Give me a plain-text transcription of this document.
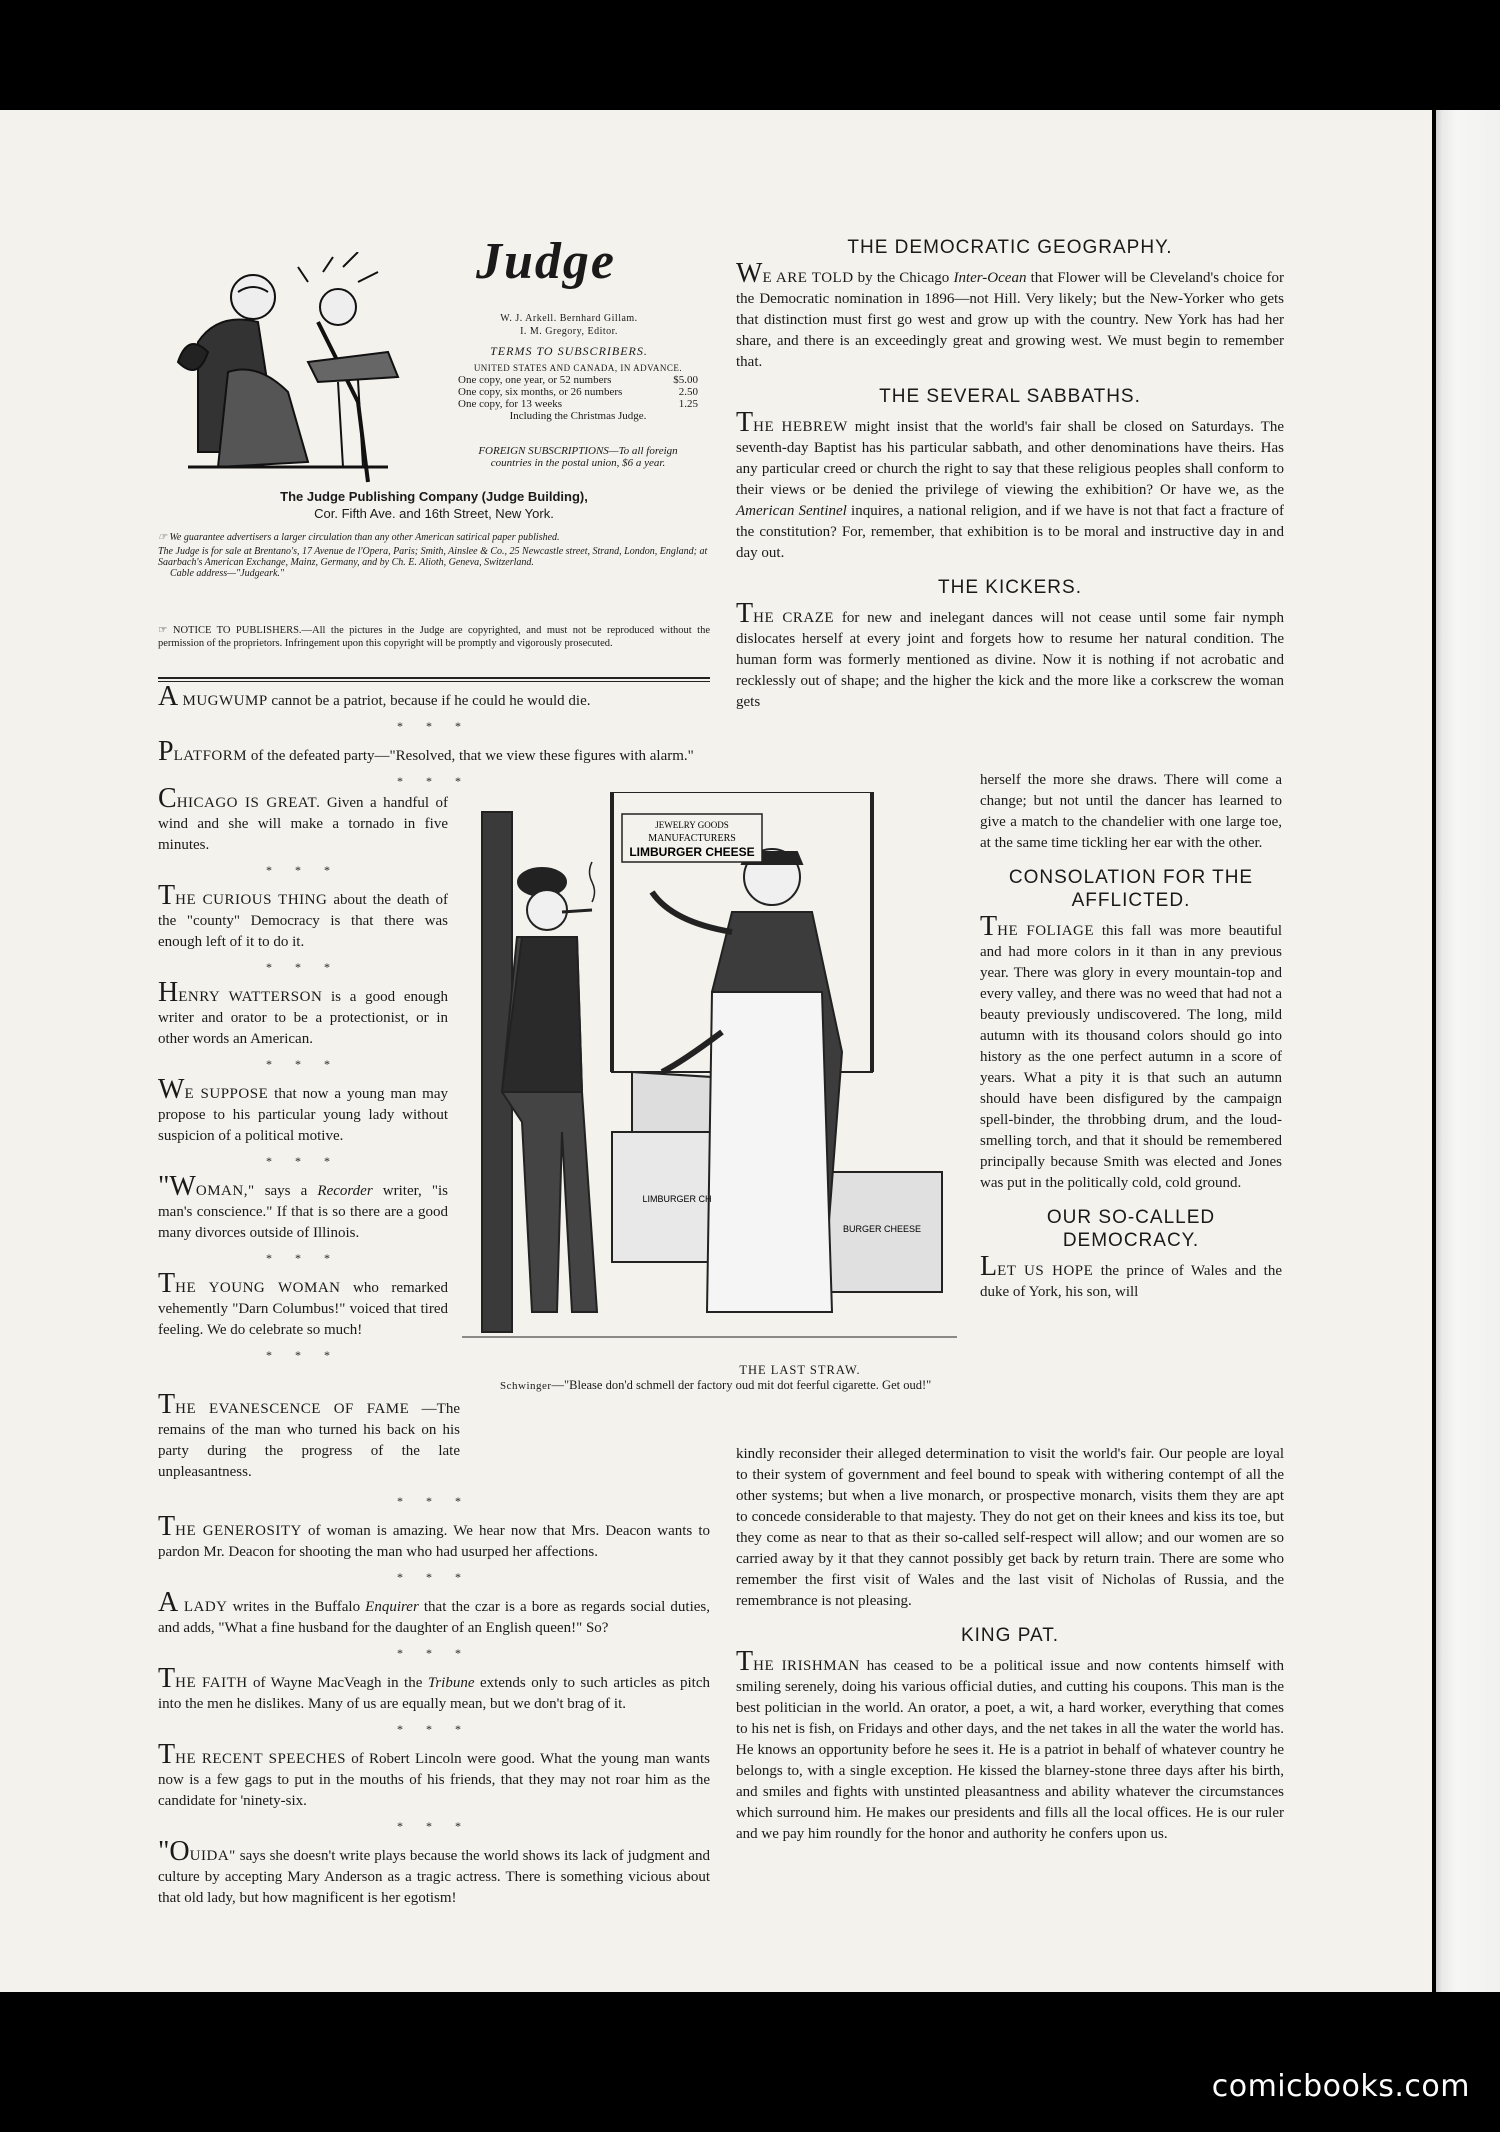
Judge
W. J. Arkell. Bernhard Gillam.
I. M. Gregory, Editor.
TERMS TO SUBSCRIBERS.
UNITED STATES AND CANADA, IN ADVANCE.
One copy, one year, or 52 numbers	$5.00
One copy, six months, or 26 numbers	2.50
One copy, for 13 weeks	1.25
Including the Christmas Judge.
FOREIGN SUBSCRIPTIONS—To all foreign countries in the postal union, $6 a year.
The Judge Publishing Company (Judge Building),
Cor. Fifth Ave. and 16th Street, New York.
☞ We guarantee advertisers a larger circulation than any other American satirical paper published.
The Judge is for sale at Brentano's, 17 Avenue de l'Opera, Paris; Smith, Ainslee & Co., 25 Newcastle street, Strand, London, England; at Saarbach's American Exchange, Mainz, Germany, and by Ch. E. Alioth, Geneva, Switzerland.
Cable address—"Judgeark."
☞ NOTICE TO PUBLISHERS.—All the pictures in the Judge are copyrighted, and must not be reproduced without the permission of the proprietors. Infringement upon this copyright will be promptly and vigorously prosecuted.

A MUGWUMP cannot be a patriot, because if he could he would die.

* * *

PLATFORM of the defeated party—"Resolved, that we view these figures with alarm."

* * *

CHICAGO IS GREAT. Given a handful of wind and she will make a tornado in five minutes.

* * *

THE CURIOUS THING about the death of the "county" Democracy is that there was enough left of it to do it.

* * *

HENRY WATTERSON is a good enough writer and orator to be a protectionist, or in other words an American.

* * *

WE SUPPOSE that now a young man may propose to his particular young lady without suspicion of a political motive.

* * *

"WOMAN," says a Recorder writer, "is man's conscience." If that is so there are a good many divorces outside of Illinois.

* * *

THE YOUNG WOMAN who remarked vehemently "Darn Columbus!" voiced that tired feeling. We do celebrate so much!

* * *

THE EVANESCENCE OF FAME —The remains of the man who turned his back on his party during the progress of the late unpleasantness.

* * *

THE GENEROSITY of woman is amazing. We hear now that Mrs. Deacon wants to pardon Mr. Deacon for shooting the man who had usurped her affections.

* * *

A LADY writes in the Buffalo Enquirer that the czar is a bore as regards social duties, and adds, "What a fine husband for the daughter of an English queen!" So?

* * *

THE FAITH of Wayne MacVeagh in the Tribune extends only to such articles as pitch into the men he dislikes. Many of us are equally mean, but we don't brag of it.

* * *

THE RECENT SPEECHES of Robert Lincoln were good. What the young man wants now is a few gags to put in the mouths of his friends, that they may not roar him as the candidate for 'ninety-six.

* * *

"OUIDA" says she doesn't write plays because the world shows its lack of judgment and culture by accepting Mary Anderson as a tragic actress. There is something vicious about that old lady, but how magnificent is her egotism!

JEWELRY GOODS
MANUFACTURERS
LIMBURGER CHEESE
LIMBURGER CH
BURGER CHEESE
THE LAST STRAW.
Schwinger—"Blease don'd schmell der factory oud mit dot feerful cigarette. Get oud!"
THE DEMOCRATIC GEOGRAPHY.

WE ARE TOLD by the Chicago Inter-Ocean that Flower will be Cleveland's choice for the Democratic nomination in 1896—not Hill. Very likely; but the New-Yorker who gets that distinction must first go west and grow up with the country. New York has had her share, and there is an exceedingly great and growing west. We must begin to remember that.

THE SEVERAL SABBATHS.

THE HEBREW might insist that the world's fair shall be closed on Saturdays. The seventh-day Baptist has his particular sabbath, and other denominations have theirs. Has any particular creed or church the right to say that these religious peoples shall conform to their views or be denied the privilege of viewing the exhibition? Or have we, as the American Sentinel inquires, a national religion, and if we have is not that fact a fracture of the constitution? For, remember, that exhibition is to be moral and instructive day in and day out.

THE KICKERS.

THE CRAZE for new and inelegant dances will not cease until some fair nymph dislocates herself at every joint and forgets how to resume her natural condition. The human form was formerly mentioned as divine. Now it is nothing if not acrobatic and recklessly out of shape; and the higher the kick and the more like a corkscrew the woman gets

herself the more she draws. There will come a change; but not until the dancer has learned to give a match to the chandelier with one large toe, at the same time tickling her ear with the other.

CONSOLATION FOR THE AFFLICTED.

THE FOLIAGE this fall was more beautiful and had more colors in it than in any previous year. There was glory in every mountain-top and every valley, and there was no weed that had not a beauty previously undiscovered. The long, mild autumn with its thousand colors should go into history as the one perfect autumn in a score of years. What a pity it is that such an autumn should have been disfigured by the campaign spell-binder, the throbbing drum, and the loud-smelling torch, and that it should be remembered principally because Smith was elected and Jones was put in the politically cold, cold ground.

OUR SO-CALLED DEMOCRACY.

LET US HOPE the prince of Wales and the duke of York, his son, will

kindly reconsider their alleged determination to visit the world's fair. Our people are loyal to their system of government and feel bound to speak with withering contempt of all the other systems; but when a live monarch, or prospective monarch, visits them they are apt to concede considerable to that majesty. They do not get on their knees and kiss its toe, but they come as near to that as their so-called self-respect will allow; and our women are so carried away by it that they cannot possibly get back by return train. There are some who remember the first visit of Wales and the last visit of Nicholas of Russia, and the remembrance is not pleasing.

KING PAT.

THE IRISHMAN has ceased to be a political issue and now contents himself with smiling serenely, doing his various official duties, and cutting his coupons. This man is the best politician in the world. An orator, a poet, a wit, a hard worker, everything that comes to his net is fish, on Fridays and other days, and the net takes in all the water the world has. He knows an opportunity before he sees it. He is a patriot in behalf of whatever country he belongs to, with a single exception. He kissed the blarney-stone three days after his birth, and smiles and fights with unstinted pleasantness and ability whatever the circumstances which surround him. He makes our presidents and fills all the local offices. He is our ruler and we pay him roundly for the honor and authority he confers upon us.

comicbooks.com
